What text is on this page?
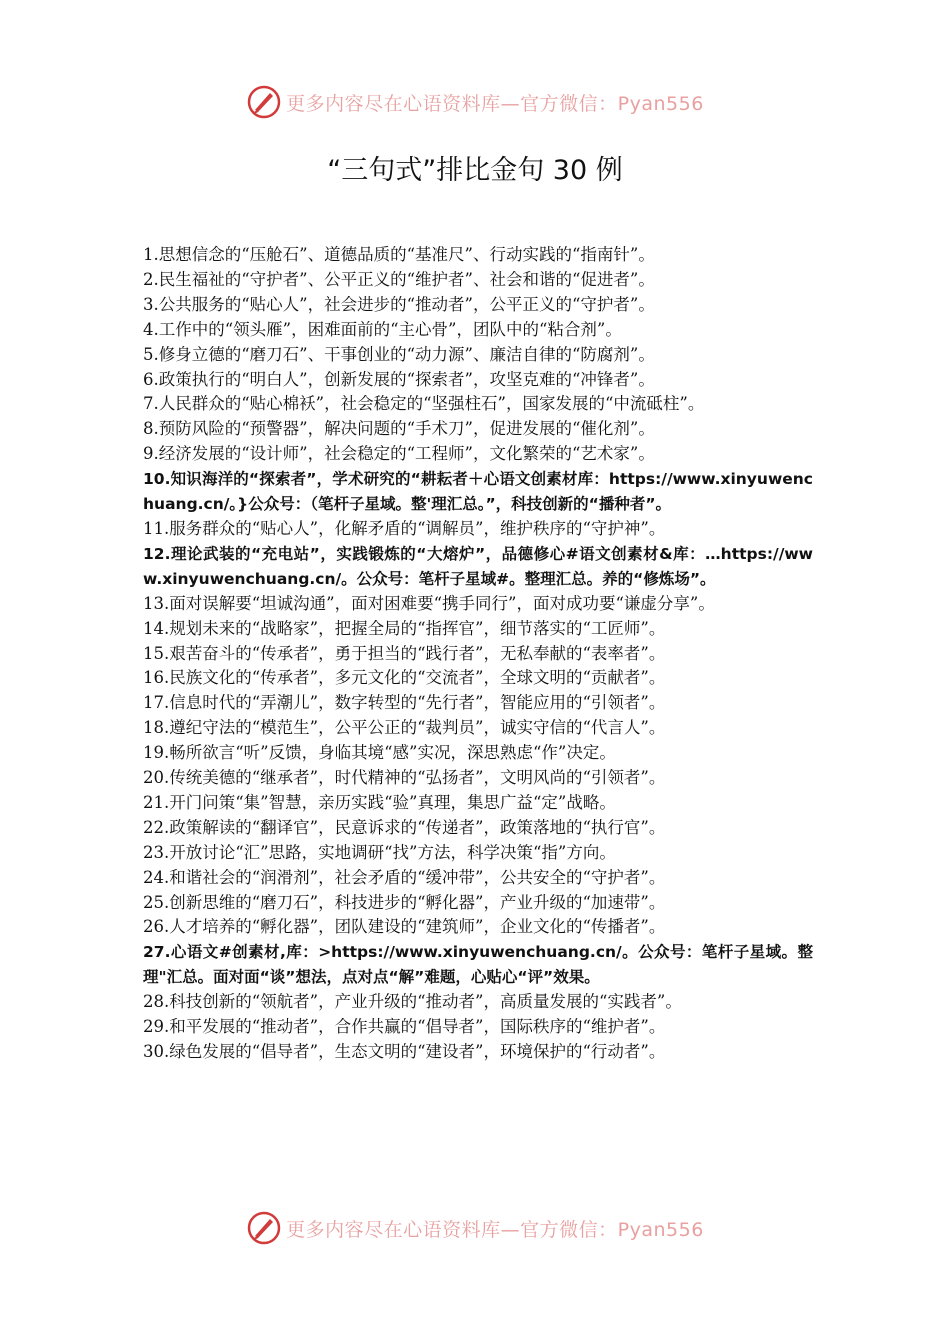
更多内容尽在心语资料库—官方微信：Pyan556
“三句式”排比金句 30 例
1.思想信念的“压舱石”、道德品质的“基准尺”、行动实践的“指南针”。
2.民生福祉的“守护者”、公平正义的“维护者”、社会和谐的“促进者”。
3.公共服务的“贴心人”，社会进步的“推动者”，公平正义的“守护者”。
4.工作中的“领头雁”，困难面前的“主心骨”，团队中的“粘合剂”。
5.修身立德的“磨刀石”、干事创业的“动力源”、廉洁自律的“防腐剂”。
6.政策执行的“明白人”，创新发展的“探索者”，攻坚克难的“冲锋者”。
7.人民群众的“贴心棉袄”，社会稳定的“坚强柱石”，国家发展的“中流砥柱”。
8.预防风险的“预警器”，解决问题的“手术刀”，促进发展的“催化剂”。
9.经济发展的“设计师”，社会稳定的“工程师”，文化繁荣的“艺术家”。
10.知识海洋的“探索者”，学术研究的“耕耘者＋心语文创素材库：https://www.xinyuwenchuang.cn/。}公众号：（笔杆子星域。整'理汇总。”，科技创新的“播种者”。
11.服务群众的“贴心人”，化解矛盾的“调解员”，维护秩序的“守护神”。
12.理论武装的“充电站”，实践锻炼的“大熔炉”，品德修心#语文创素材&库：…https://www.xinyuwenchuang.cn/。公众号：笔杆子星域#。整理汇总。养的“修炼场”。
13.面对误解要“坦诚沟通”，面对困难要“携手同行”，面对成功要“谦虚分享”。
14.规划未来的“战略家”，把握全局的“指挥官”，细节落实的“工匠师”。
15.艰苦奋斗的“传承者”，勇于担当的“践行者”，无私奉献的“表率者”。
16.民族文化的“传承者”，多元文化的“交流者”，全球文明的“贡献者”。
17.信息时代的“弄潮儿”，数字转型的“先行者”，智能应用的“引领者”。
18.遵纪守法的“模范生”，公平公正的“裁判员”，诚实守信的“代言人”。
19.畅所欲言“听”反馈，身临其境“感”实况，深思熟虑“作”决定。
20.传统美德的“继承者”，时代精神的“弘扬者”，文明风尚的“引领者”。
21.开门问策“集”智慧，亲历实践“验”真理，集思广益“定”战略。
22.政策解读的“翻译官”，民意诉求的“传递者”，政策落地的“执行官”。
23.开放讨论“汇”思路，实地调研“找”方法，科学决策“指”方向。
24.和谐社会的“润滑剂”，社会矛盾的“缓冲带”，公共安全的“守护者”。
25.创新思维的“磨刀石”，科技进步的“孵化器”，产业升级的“加速带”。
26.人才培养的“孵化器”，团队建设的“建筑师”，企业文化的“传播者”。
27.心语文#创素材,库：>https://www.xinyuwenchuang.cn/。公众号：笔杆子星域。整理"汇总。面对面“谈”想法，点对点“解”难题，心贴心“评”效果。
28.科技创新的“领航者”，产业升级的“推动者”，高质量发展的“实践者”。
29.和平发展的“推动者”，合作共赢的“倡导者”，国际秩序的“维护者”。
30.绿色发展的“倡导者”，生态文明的“建设者”，环境保护的“行动者”。
更多内容尽在心语资料库—官方微信：Pyan556
